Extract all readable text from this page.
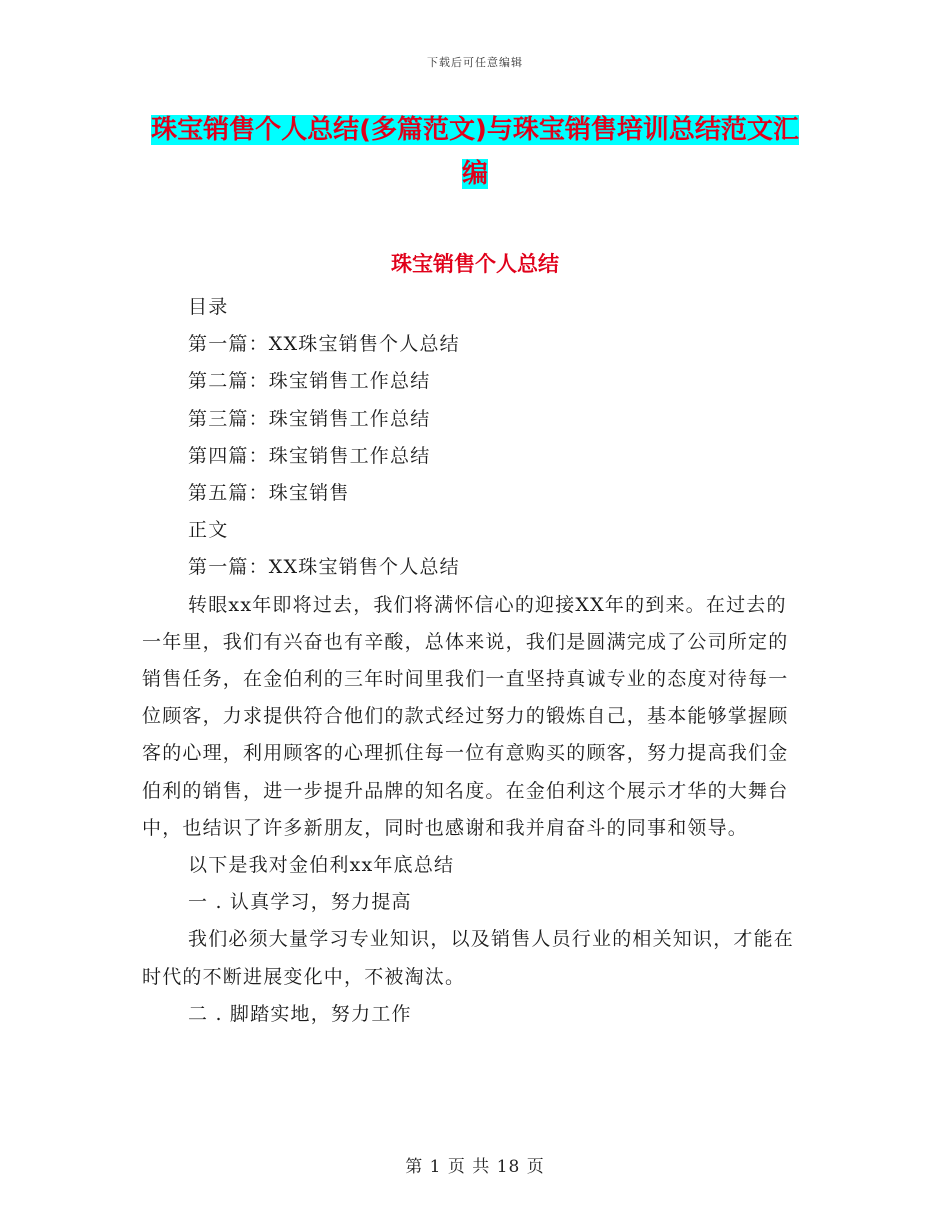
下载后可任意编辑
珠宝销售个人总结(多篇范文)与珠宝销售培训总结范文汇编
珠宝销售个人总结

目录

第一篇：XX珠宝销售个人总结

第二篇：珠宝销售工作总结

第三篇：珠宝销售工作总结

第四篇：珠宝销售工作总结

第五篇：珠宝销售

正文

第一篇：XX珠宝销售个人总结

转眼xx年即将过去，我们将满怀信心的迎接XX年的到来。在过去的一年里，我们有兴奋也有辛酸，总体来说，我们是圆满完成了公司所定的销售任务，在金伯利的三年时间里我们一直坚持真诚专业的态度对待每一位顾客，力求提供符合他们的款式经过努力的锻炼自己，基本能够掌握顾客的心理，利用顾客的心理抓住每一位有意购买的顾客，努力提高我们金伯利的销售，进一步提升品牌的知名度。在金伯利这个展示才华的大舞台中，也结识了许多新朋友，同时也感谢和我并肩奋斗的同事和领导。

以下是我对金伯利xx年底总结

一 . 认真学习，努力提高

我们必须大量学习专业知识，以及销售人员行业的相关知识，才能在 时代的不断进展变化中，不被淘汰。

二 . 脚踏实地，努力工作

第 1 页 共 18 页
